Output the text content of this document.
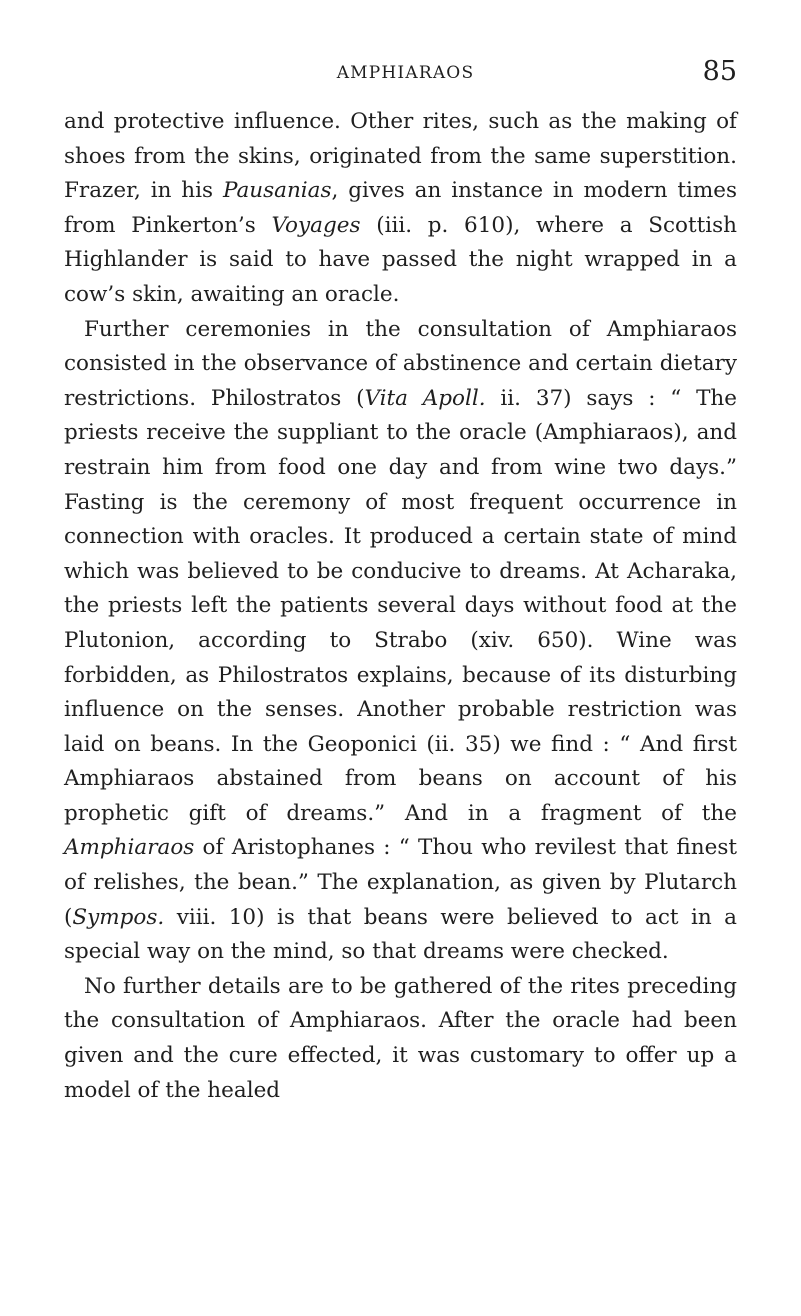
AMPHIARAOS	85

and protective influence. Other rites, such as the making of shoes from the skins, originated from the same superstition. Frazer, in his Pausanias, gives an instance in modern times from Pinkerton’s Voyages (iii. p. 610), where a Scottish Highlander is said to have passed the night wrapped in a cow’s skin, awaiting an oracle.

Further ceremonies in the consultation of Amphiaraos consisted in the observance of abstinence and certain dietary restrictions. Philostratos (Vita Apoll. ii. 37) says : “ The priests receive the suppliant to the oracle (Amphiaraos), and restrain him from food one day and from wine two days.” Fasting is the ceremony of most frequent occurrence in connection with oracles. It produced a certain state of mind which was believed to be conducive to dreams. At Acharaka, the priests left the patients several days without food at the Plutonion, according to Strabo (xiv. 650). Wine was forbidden, as Philostratos explains, because of its disturbing influence on the senses. Another probable restriction was laid on beans. In the Geoponici (ii. 35) we find : “ And first Amphiaraos abstained from beans on account of his prophetic gift of dreams.” And in a fragment of the Amphiaraos of Aristophanes : “ Thou who revilest that finest of relishes, the bean.” The explanation, as given by Plutarch (Sympos. viii. 10) is that beans were believed to act in a special way on the mind, so that dreams were checked.

No further details are to be gathered of the rites preceding the consultation of Amphiaraos. After the oracle had been given and the cure effected, it was customary to offer up a model of the healed
